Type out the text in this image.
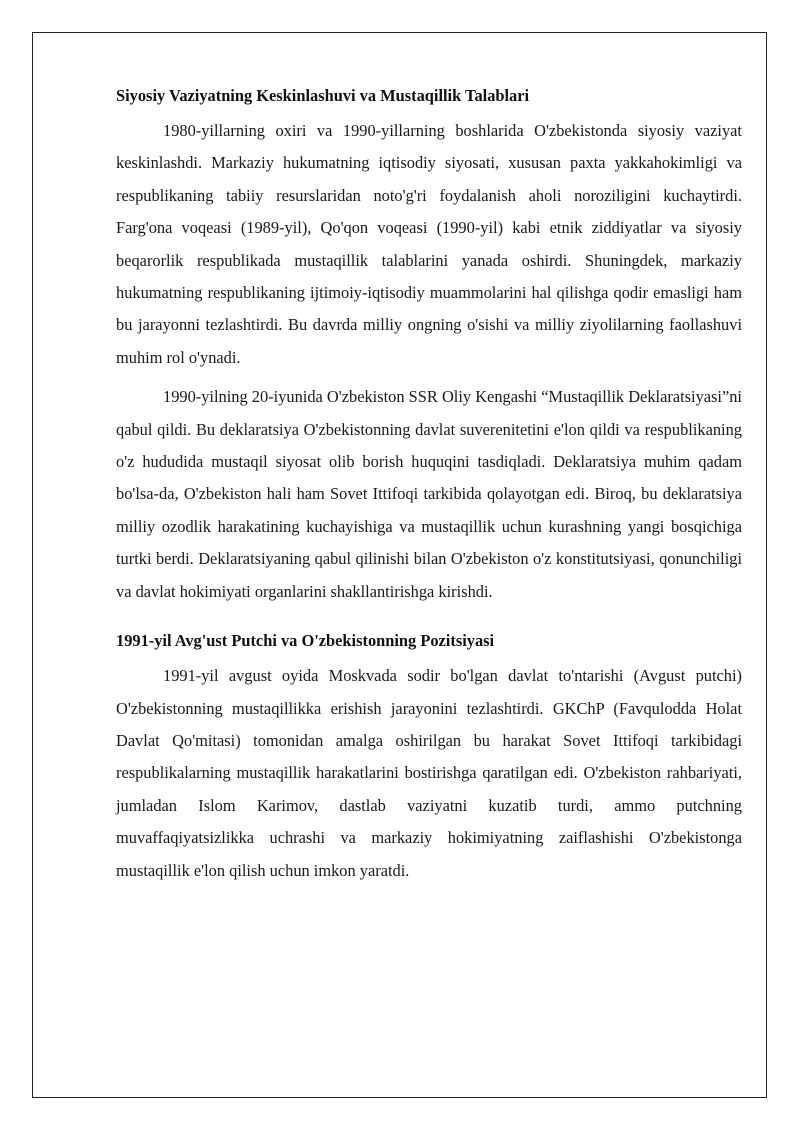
Siyosiy Vaziyatning Keskinlashuvi va Mustaqillik Talablari

1980-yillarning oxiri va 1990-yillarning boshlarida O'zbekistonda siyosiy vaziyat keskinlashdi. Markaziy hukumatning iqtisodiy siyosati, xususan paxta yakkahokimligi va respublikaning tabiiy resurslaridan noto'g'ri foydalanish aholi noroziligini kuchaytirdi. Farg'ona voqeasi (1989-yil), Qo'qon voqeasi (1990-yil) kabi etnik ziddiyatlar va siyosiy beqarorlik respublikada mustaqillik talablarini yanada oshirdi. Shuningdek, markaziy hukumatning respublikaning ijtimoiy-iqtisodiy muammolarini hal qilishga qodir emasligi ham bu jarayonni tezlashtirdi. Bu davrda milliy ongning o'sishi va milliy ziyolilarning faollashuvi muhim rol o'ynadi.

1990-yilning 20-iyunida O'zbekiston SSR Oliy Kengashi “Mustaqillik Deklaratsiyasi”ni qabul qildi. Bu deklaratsiya O'zbekistonning davlat suverenitetini e'lon qildi va respublikaning o'z hududida mustaqil siyosat olib borish huquqini tasdiqladi. Deklaratsiya muhim qadam bo'lsa-da, O'zbekiston hali ham Sovet Ittifoqi tarkibida qolayotgan edi. Biroq, bu deklaratsiya milliy ozodlik harakatining kuchayishiga va mustaqillik uchun kurashning yangi bosqichiga turtki berdi. Deklaratsiyaning qabul qilinishi bilan O'zbekiston o'z konstitutsiyasi, qonunchiligi va davlat hokimiyati organlarini shakllantirishga kirishdi.

1991-yil Avg'ust Putchi va O'zbekistonning Pozitsiyasi

1991-yil avgust oyida Moskvada sodir bo'lgan davlat to'ntarishi (Avgust putchi) O'zbekistonning mustaqillikka erishish jarayonini tezlashtirdi. GKChP (Favqulodda Holat Davlat Qo'mitasi) tomonidan amalga oshirilgan bu harakat Sovet Ittifoqi tarkibidagi respublikalarning mustaqillik harakatlarini bostirishga qaratilgan edi. O'zbekiston rahbariyati, jumladan Islom Karimov, dastlab vaziyatni kuzatib turdi, ammo putchning muvaffaqiyatsizlikka uchrashi va markaziy hokimiyatning zaiflashishi O'zbekistonga mustaqillik e'lon qilish uchun imkon yaratdi.
